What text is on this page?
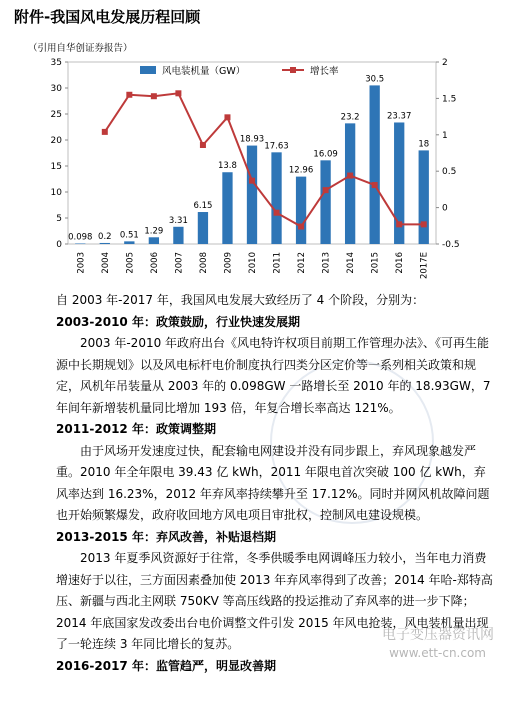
附件-我国风电发展历程回顾
（引用自华创证券报告）
0
5
10
15
20
25
30
35
-0.5
0
0.5
1
1.5
2
0.098 0.2 0.51 1.29
3.31
6.15
13.8
18.93
17.63
12.96
16.09
23.2
30.5
23.37
18
2003 2004 2005 2006 2007 2008 2009 2010 2011 2012 2013 2014 2015 2016 2017E
风电装机量（GW）	增长率

自 2003 年-2017 年，我国风电发展大致经历了 4 个阶段，分别为：

2003-2010 年：政策鼓励，行业快速发展期

2003 年-2010 年政府出台《风电特许权项目前期工作管理办法》、《可再生能源中长期规划》以及风电标杆电价制度执行四类分区定价等一系列相关政策和规定，风机年吊装量从 2003 年的 0.098GW 一路增长至 2010 年的 18.93GW，7 年间年新增装机量同比增加 193 倍，年复合增长率高达 121%。

2011-2012 年：政策调整期

由于风场开发速度过快，配套输电网建设并没有同步跟上，弃风现象越发严重。2010 年全年限电 39.43 亿 kWh，2011 年限电首次突破 100 亿 kWh，弃风率达到 16.23%，2012 年弃风率持续攀升至 17.12%。同时并网风机故障问题也开始频繁爆发，政府收回地方风电项目审批权，控制风电建设规模。

2013-2015 年：弃风改善，补贴退档期

2013 年夏季风资源好于往常，冬季供暖季电网调峰压力较小，当年电力消费增速好于以往，三方面因素叠加使 2013 年弃风率得到了改善；2014 年哈-郑特高压、新疆与西北主网联 750KV 等高压线路的投运推动了弃风率的进一步下降；2014 年底国家发改委出台电价调整文件引发 2015 年风电抢装，风电装机量出现了一轮连续 3 年同比增长的复苏。

2016-2017 年：监管趋严，明显改善期

电子变压器资讯网
www.ett-cn.com
